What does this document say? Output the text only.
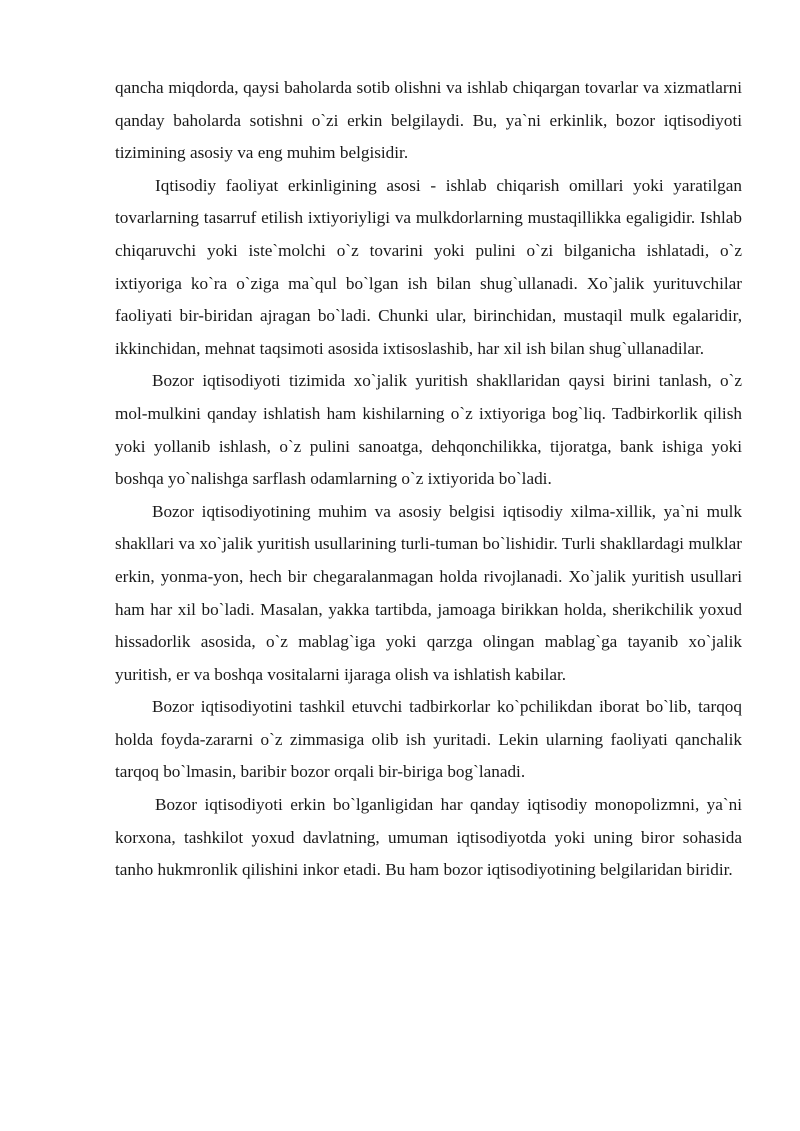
qancha miqdorda, qaysi baholarda sotib olishni va ishlab chiqargan tovarlar va xizmatlarni qanday baholarda sotishni o`zi erkin belgilaydi. Bu, ya`ni erkinlik, bozor iqtisodiyoti tizimining asosiy va eng muhim belgisidir.

Iqtisodiy faoliyat erkinligining asosi - ishlab chiqarish omillari yoki yaratilgan tovarlarning tasarruf etilish ixtiyoriyligi va mulkdorlarning mustaqillikka egaligidir. Ishlab chiqaruvchi yoki iste`molchi o`z tovarini yoki pulini o`zi bilganicha ishlatadi, o`z ixtiyoriga ko`ra o`ziga ma`qul bo`lgan ish bilan shug`ullanadi. Xo`jalik yurituvchilar faoliyati bir-biridan ajragan bo`ladi. Chunki ular, birinchidan, mustaqil mulk egalaridir, ikkinchidan, mehnat taqsimoti asosida ixtisoslashib, har xil ish bilan shug`ullanadilar.

Bozor iqtisodiyoti tizimida xo`jalik yuritish shakllaridan qaysi birini tanlash, o`z mol-mulkini qanday ishlatish ham kishilarning o`z ixtiyoriga bog`liq. Tadbirkorlik qilish yoki yollanib ishlash, o`z pulini sanoatga, dehqonchilikka, tijoratga, bank ishiga yoki boshqa yo`nalishga sarflash odamlarning o`z ixtiyorida bo`ladi.

Bozor iqtisodiyotining muhim va asosiy belgisi iqtisodiy xilma-xillik, ya`ni mulk shakllari va xo`jalik yuritish usullarining turli-tuman bo`lishidir. Turli shakllardagi mulklar erkin, yonma-yon, hech bir chegaralanmagan holda rivojlanadi. Xo`jalik yuritish usullari ham har xil bo`ladi. Masalan, yakka tartibda, jamoaga birikkan holda, sherikchilik yoxud hissadorlik asosida, o`z mablag`iga yoki qarzga olingan mablag`ga tayanib xo`jalik yuritish, er va boshqa vositalarni ijaraga olish va ishlatish kabilar.

Bozor iqtisodiyotini tashkil etuvchi tadbirkorlar ko`pchilikdan iborat bo`lib, tarqoq holda foyda-zararni o`z zimmasiga olib ish yuritadi. Lekin ularning faoliyati qanchalik tarqoq bo`lmasin, baribir bozor orqali bir-biriga bog`lanadi.

Bozor iqtisodiyoti erkin bo`lganligidan har qanday iqtisodiy monopolizmni, ya`ni korxona, tashkilot yoxud davlatning, umuman iqtisodiyotda yoki uning biror sohasida tanho hukmronlik qilishini inkor etadi. Bu ham bozor iqtisodiyotining belgilaridan biridir.
